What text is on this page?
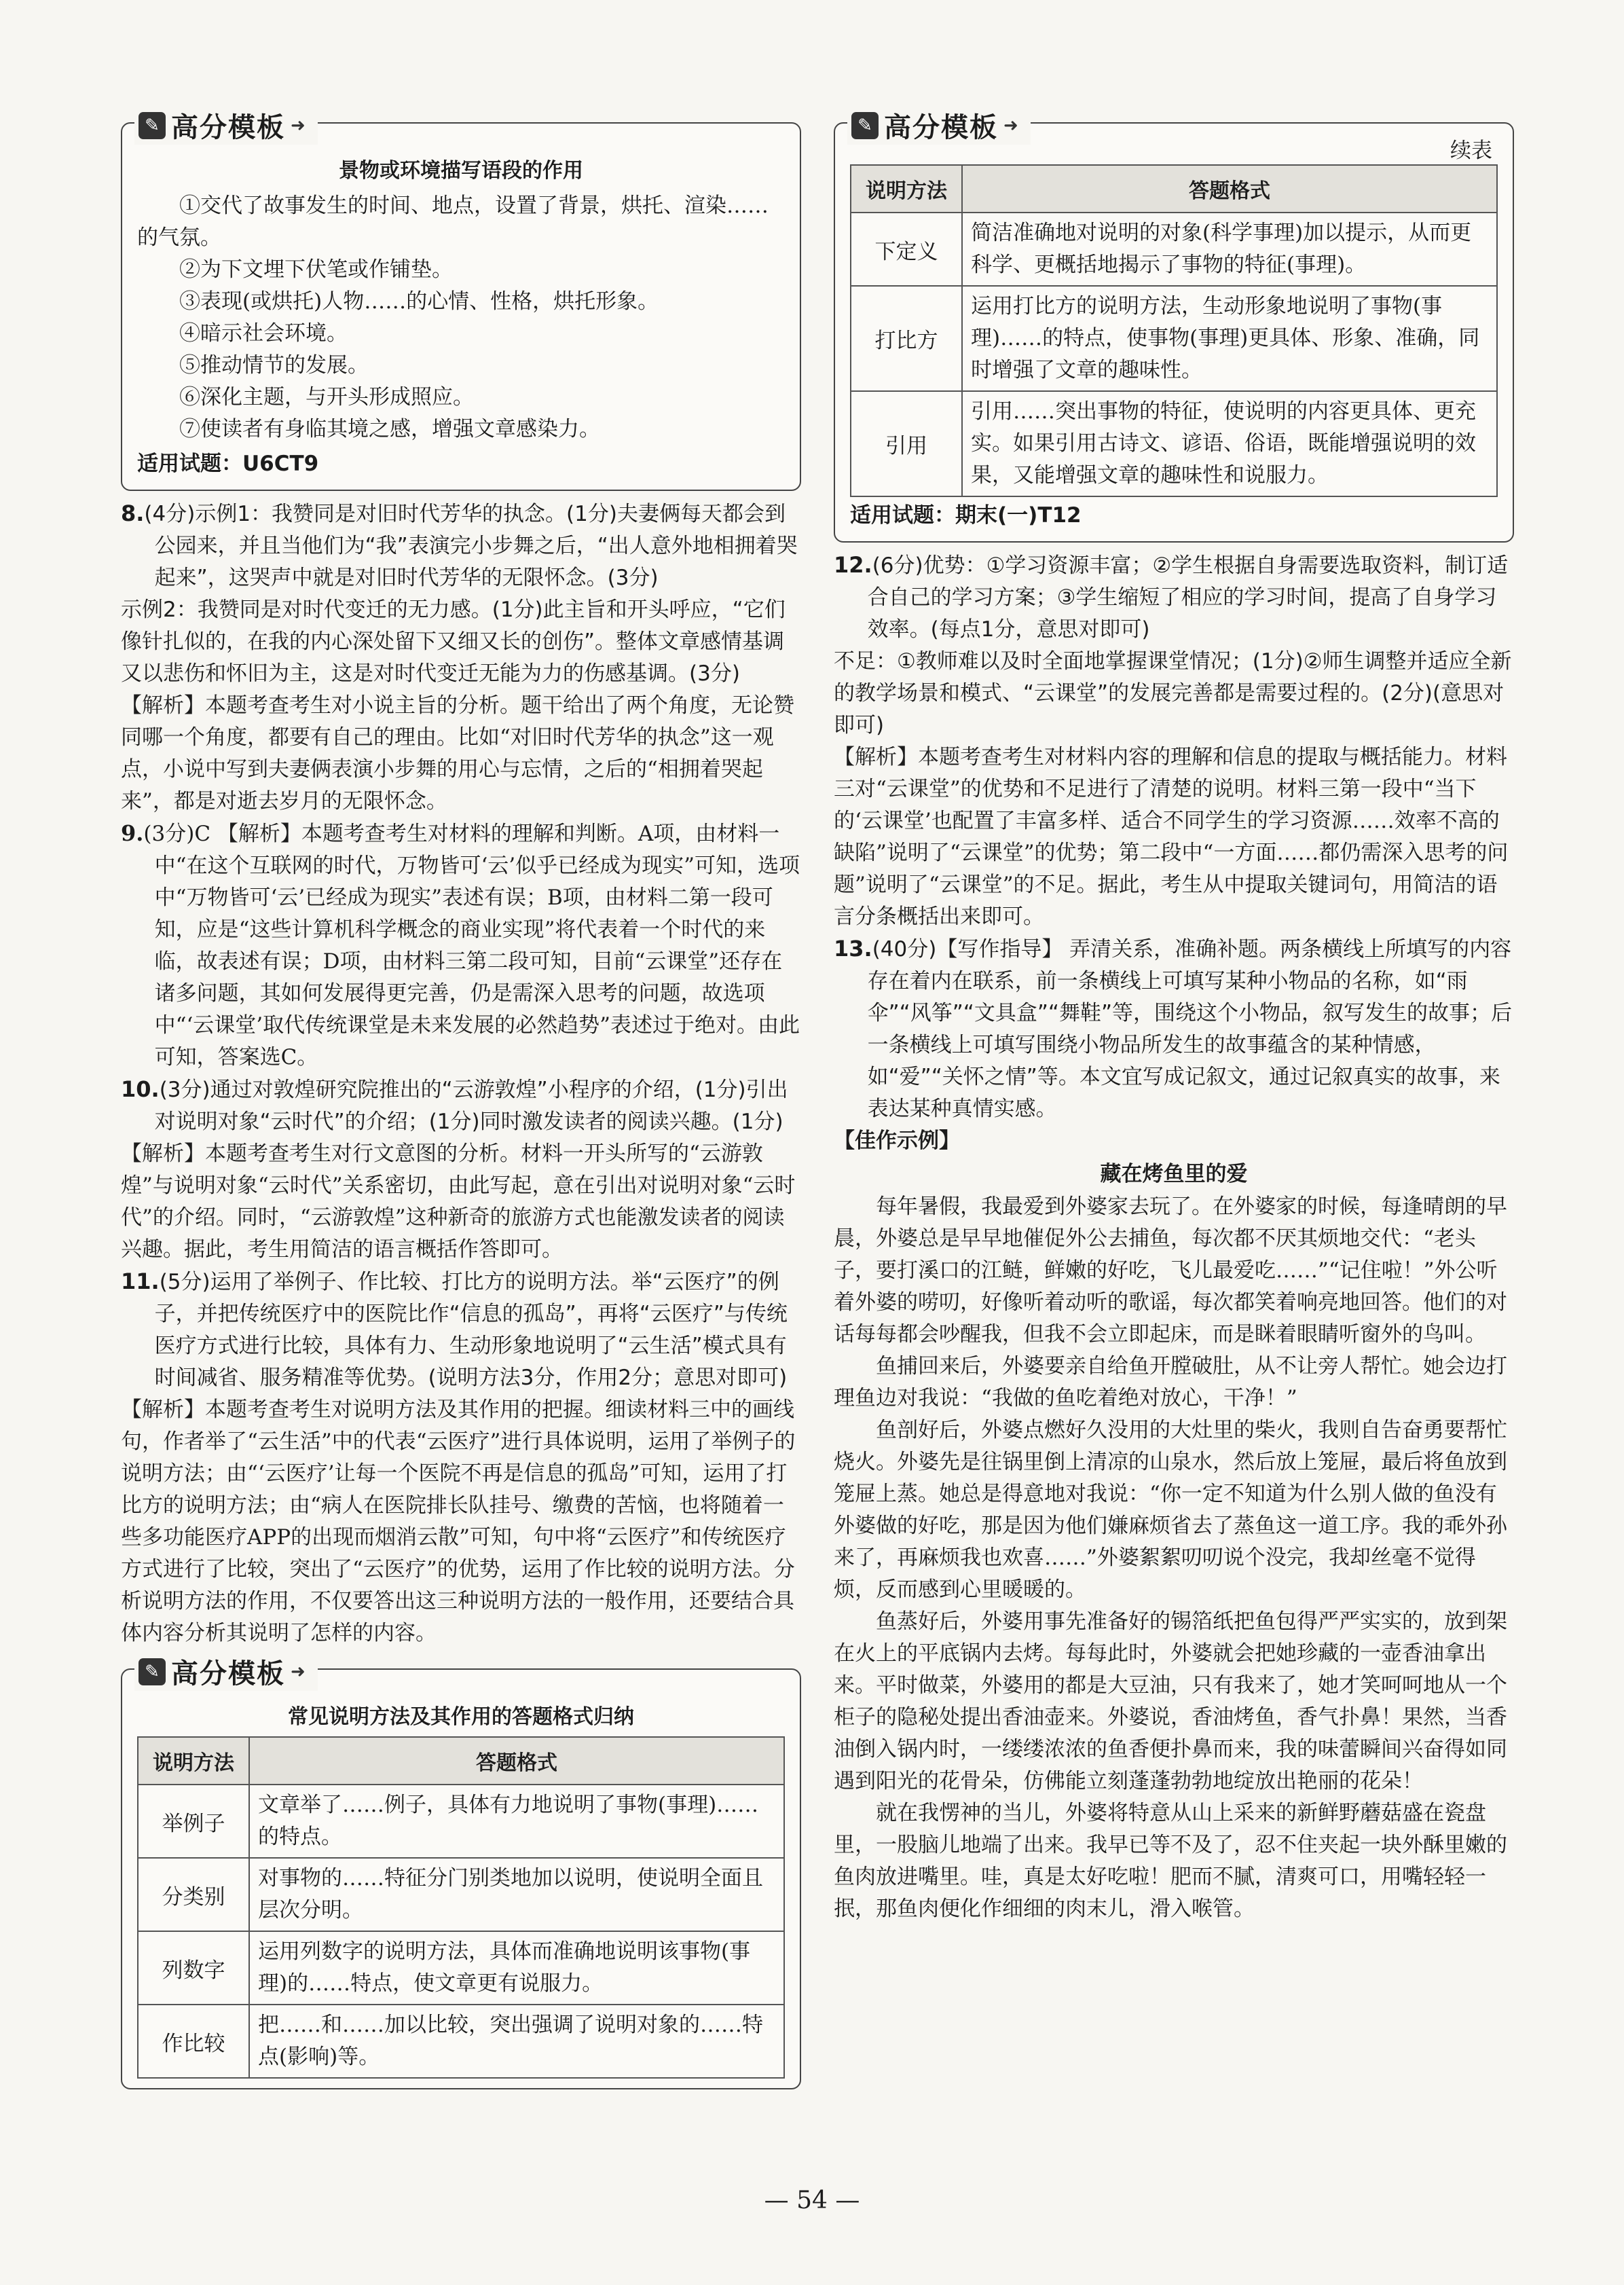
✎ 高分模板 ➜
景物或环境描写语段的作用

①交代了故事发生的时间、地点，设置了背景，烘托、渲染……的气氛。

②为下文埋下伏笔或作铺垫。

③表现(或烘托)人物……的心情、性格，烘托形象。

④暗示社会环境。

⑤推动情节的发展。

⑥深化主题，与开头形成照应。

⑦使读者有身临其境之感，增强文章感染力。

适用试题：U6CT9

8.(4分)示例1：我赞同是对旧时代芳华的执念。(1分)夫妻俩每天都会到公园来，并且当他们为“我”表演完小步舞之后，“出人意外地相拥着哭起来”，这哭声中就是对旧时代芳华的无限怀念。(3分)

示例2：我赞同是对时代变迁的无力感。(1分)此主旨和开头呼应，“它们像针扎似的，在我的内心深处留下又细又长的创伤”。整体文章感情基调又以悲伤和怀旧为主，这是对时代变迁无能为力的伤感基调。(3分)

【解析】本题考查考生对小说主旨的分析。题干给出了两个角度，无论赞同哪一个角度，都要有自己的理由。比如“对旧时代芳华的执念”这一观点，小说中写到夫妻俩表演小步舞的用心与忘情，之后的“相拥着哭起来”，都是对逝去岁月的无限怀念。

9.(3分)C 【解析】本题考查考生对材料的理解和判断。A项，由材料一中“在这个互联网的时代，万物皆可‘云’似乎已经成为现实”可知，选项中“万物皆可‘云’已经成为现实”表述有误；B项，由材料二第一段可知，应是“这些计算机科学概念的商业实现”将代表着一个时代的来临，故表述有误；D项，由材料三第二段可知，目前“云课堂”还存在诸多问题，其如何发展得更完善，仍是需深入思考的问题，故选项中“‘云课堂’取代传统课堂是未来发展的必然趋势”表述过于绝对。由此可知，答案选C。

10.(3分)通过对敦煌研究院推出的“云游敦煌”小程序的介绍，(1分)引出对说明对象“云时代”的介绍；(1分)同时激发读者的阅读兴趣。(1分)

【解析】本题考查考生对行文意图的分析。材料一开头所写的“云游敦煌”与说明对象“云时代”关系密切，由此写起，意在引出对说明对象“云时代”的介绍。同时，“云游敦煌”这种新奇的旅游方式也能激发读者的阅读兴趣。据此，考生用简洁的语言概括作答即可。

11.(5分)运用了举例子、作比较、打比方的说明方法。举“云医疗”的例子，并把传统医疗中的医院比作“信息的孤岛”，再将“云医疗”与传统医疗方式进行比较，具体有力、生动形象地说明了“云生活”模式具有时间减省、服务精准等优势。(说明方法3分，作用2分；意思对即可)

【解析】本题考查考生对说明方法及其作用的把握。细读材料三中的画线句，作者举了“云生活”中的代表“云医疗”进行具体说明，运用了举例子的说明方法；由“‘云医疗’让每一个医院不再是信息的孤岛”可知，运用了打比方的说明方法；由“病人在医院排长队挂号、缴费的苦恼，也将随着一些多功能医疗APP的出现而烟消云散”可知，句中将“云医疗”和传统医疗方式进行了比较，突出了“云医疗”的优势，运用了作比较的说明方法。分析说明方法的作用，不仅要答出这三种说明方法的一般作用，还要结合具体内容分析其说明了怎样的内容。

✎ 高分模板 ➜
常见说明方法及其作用的答题格式归纳
说明方法	答题格式
举例子	文章举了……例子，具体有力地说明了事物(事理)……的特点。
分类别	对事物的……特征分门别类地加以说明，使说明全面且层次分明。
列数字	运用列数字的说明方法，具体而准确地说明该事物(事理)的……特点，使文章更有说服力。
作比较	把……和……加以比较，突出强调了说明对象的……特点(影响)等。
✎ 高分模板 ➜
续表
说明方法	答题格式
下定义	简洁准确地对说明的对象(科学事理)加以提示，从而更科学、更概括地揭示了事物的特征(事理)。
打比方	运用打比方的说明方法，生动形象地说明了事物(事理)……的特点，使事物(事理)更具体、形象、准确，同时增强了文章的趣味性。
引用	引用……突出事物的特征，使说明的内容更具体、更充实。如果引用古诗文、谚语、俗语，既能增强说明的效果，又能增强文章的趣味性和说服力。

适用试题：期末(一)T12

12.(6分)优势：①学习资源丰富；②学生根据自身需要选取资料，制订适合自己的学习方案；③学生缩短了相应的学习时间，提高了自身学习效率。(每点1分，意思对即可)

不足：①教师难以及时全面地掌握课堂情况；(1分)②师生调整并适应全新的教学场景和模式、“云课堂”的发展完善都是需要过程的。(2分)(意思对即可)

【解析】本题考查考生对材料内容的理解和信息的提取与概括能力。材料三对“云课堂”的优势和不足进行了清楚的说明。材料三第一段中“当下的‘云课堂’也配置了丰富多样、适合不同学生的学习资源……效率不高的缺陷”说明了“云课堂”的优势；第二段中“一方面……都仍需深入思考的问题”说明了“云课堂”的不足。据此，考生从中提取关键词句，用简洁的语言分条概括出来即可。

13.(40分)【写作指导】 弄清关系，准确补题。两条横线上所填写的内容存在着内在联系，前一条横线上可填写某种小物品的名称，如“雨伞”“风筝”“文具盒”“舞鞋”等，围绕这个小物品，叙写发生的故事；后一条横线上可填写围绕小物品所发生的故事蕴含的某种情感，如“爱”“关怀之情”等。本文宜写成记叙文，通过记叙真实的故事，来表达某种真情实感。

【佳作示例】

藏在烤鱼里的爱

每年暑假，我最爱到外婆家去玩了。在外婆家的时候，每逢晴朗的早晨，外婆总是早早地催促外公去捕鱼，每次都不厌其烦地交代：“老头子，要打溪口的江鲢，鲜嫩的好吃，飞儿最爱吃……”“记住啦！”外公听着外婆的唠叨，好像听着动听的歌谣，每次都笑着响亮地回答。他们的对话每每都会吵醒我，但我不会立即起床，而是眯着眼睛听窗外的鸟叫。

鱼捕回来后，外婆要亲自给鱼开膛破肚，从不让旁人帮忙。她会边打理鱼边对我说：“我做的鱼吃着绝对放心，干净！”

鱼剖好后，外婆点燃好久没用的大灶里的柴火，我则自告奋勇要帮忙烧火。外婆先是往锅里倒上清凉的山泉水，然后放上笼屉，最后将鱼放到笼屉上蒸。她总是得意地对我说：“你一定不知道为什么别人做的鱼没有外婆做的好吃，那是因为他们嫌麻烦省去了蒸鱼这一道工序。我的乖外孙来了，再麻烦我也欢喜……”外婆絮絮叨叨说个没完，我却丝毫不觉得烦，反而感到心里暖暖的。

鱼蒸好后，外婆用事先准备好的锡箔纸把鱼包得严严实实的，放到架在火上的平底锅内去烤。每每此时，外婆就会把她珍藏的一壶香油拿出来。平时做菜，外婆用的都是大豆油，只有我来了，她才笑呵呵地从一个柜子的隐秘处提出香油壶来。外婆说，香油烤鱼，香气扑鼻！果然，当香油倒入锅内时，一缕缕浓浓的鱼香便扑鼻而来，我的味蕾瞬间兴奋得如同遇到阳光的花骨朵，仿佛能立刻蓬蓬勃勃地绽放出艳丽的花朵！

就在我愣神的当儿，外婆将特意从山上采来的新鲜野蘑菇盛在瓷盘里，一股脑儿地端了出来。我早已等不及了，忍不住夹起一块外酥里嫩的鱼肉放进嘴里。哇，真是太好吃啦！肥而不腻，清爽可口，用嘴轻轻一抿，那鱼肉便化作细细的肉末儿，滑入喉管。

— 54 —
